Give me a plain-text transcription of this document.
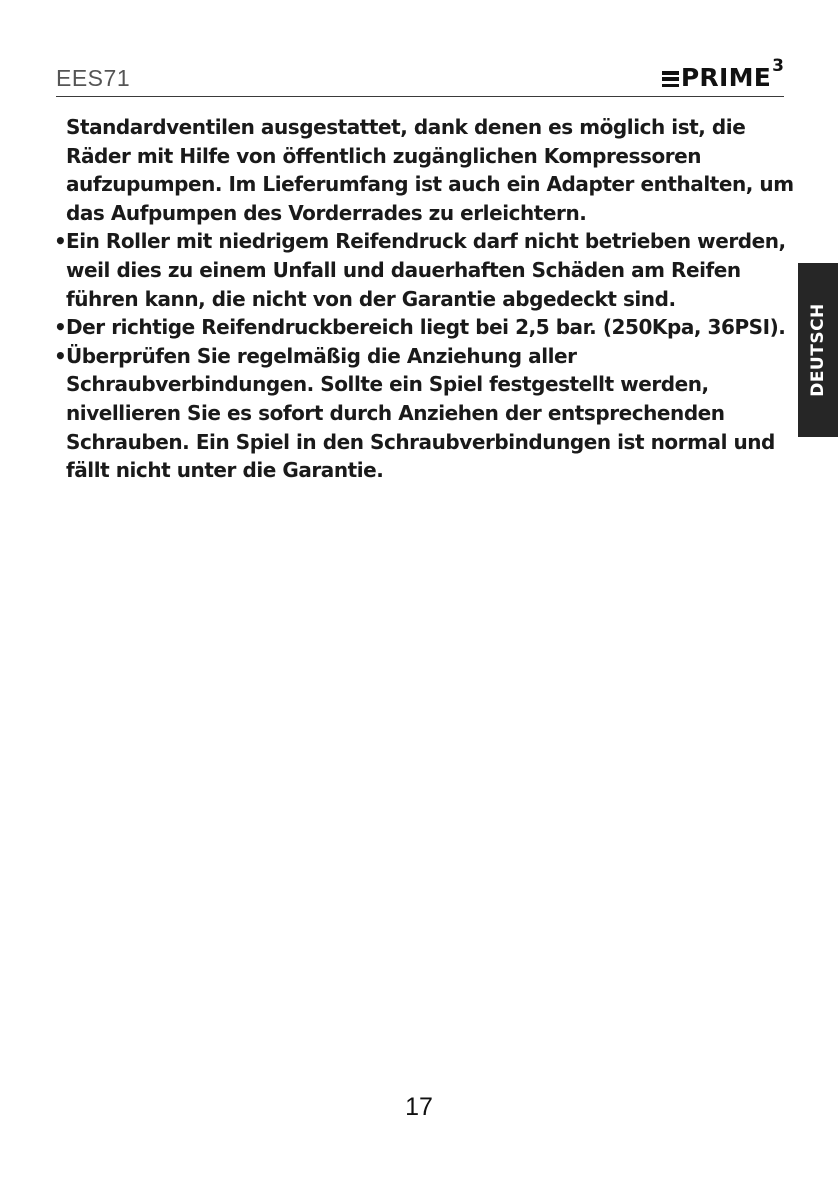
EES71	PRIME 3

Standardventilen ausgestattet, dank denen es möglich ist, die Räder mit Hilfe von öffentlich zugänglichen Kompressoren aufzupumpen. Im Lieferumfang ist auch ein Adapter enthalten, um das Aufpumpen des Vorderrades zu erleichtern.

• Ein Roller mit niedrigem Reifendruck darf nicht betrieben werden, weil dies zu einem Unfall und dauerhaften Schäden am Reifen führen kann, die nicht von der Garantie abgedeckt sind.
• Der richtige Reifendruckbereich liegt bei 2,5 bar. (250Kpa, 36PSI).
• Überprüfen Sie regelmäßig die Anziehung aller Schraubverbindungen. Sollte ein Spiel festgestellt werden, nivellieren Sie es sofort durch Anziehen der entsprechenden Schrauben. Ein Spiel in den Schraubverbindungen ist normal und fällt nicht unter die Garantie.
DEUTSCH
17
